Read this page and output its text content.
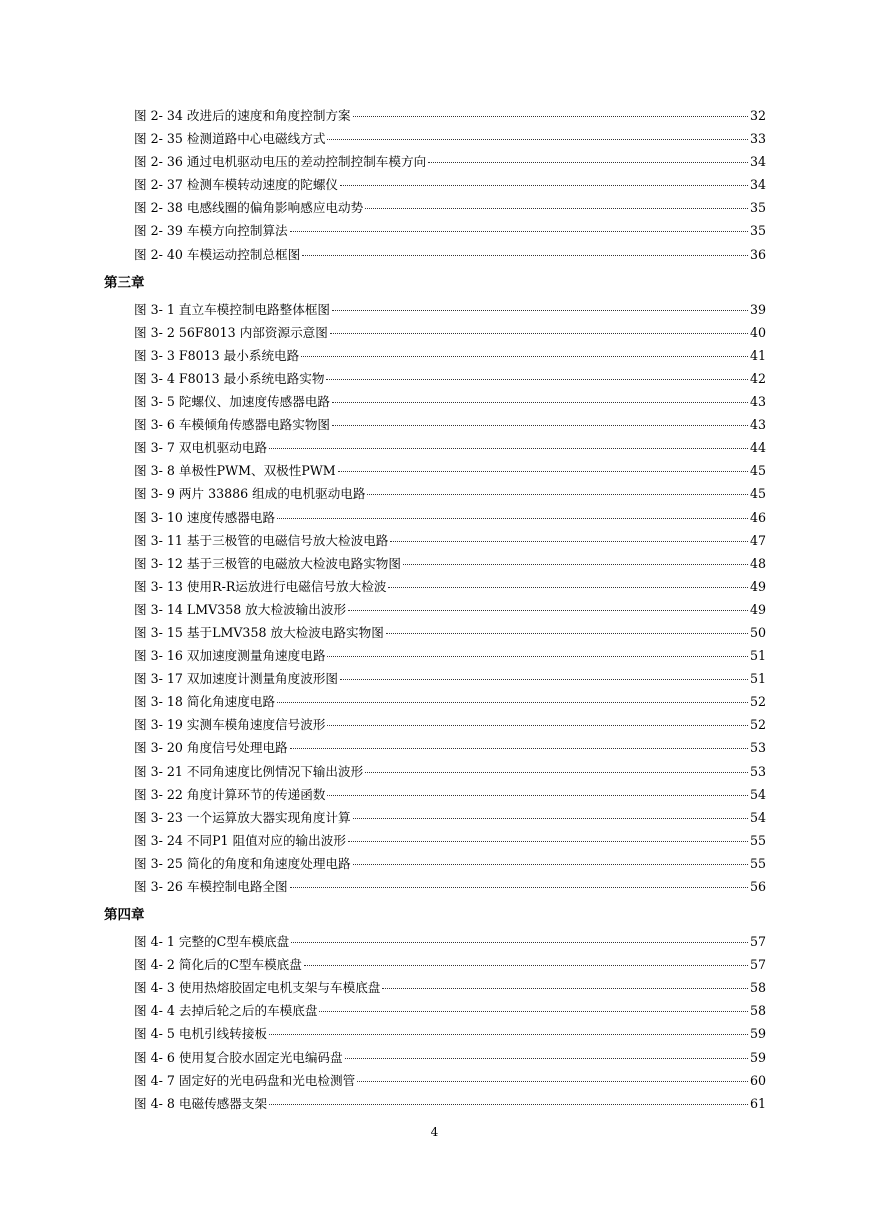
图 2- 34 改进后的速度和角度控制方案	32
图 2- 35 检测道路中心电磁线方式	33
图 2- 36 通过电机驱动电压的差动控制控制车模方向	34
图 2- 37 检测车模转动速度的陀螺仪	34
图 2- 38 电感线圈的偏角影响感应电动势	35
图 2- 39 车模方向控制算法	35
图 2- 40 车模运动控制总框图	36
第三章
图 3- 1 直立车模控制电路整体框图	39
图 3- 2 56F8013 内部资源示意图	40
图 3- 3 F8013 最小系统电路	41
图 3- 4 F8013 最小系统电路实物	42
图 3- 5 陀螺仪、加速度传感器电路	43
图 3- 6 车模倾角传感器电路实物图	43
图 3- 7 双电机驱动电路	44
图 3- 8 单极性PWM、双极性PWM	45
图 3- 9 两片 33886 组成的电机驱动电路	45
图 3- 10 速度传感器电路	46
图 3- 11 基于三极管的电磁信号放大检波电路	47
图 3- 12 基于三极管的电磁放大检波电路实物图	48
图 3- 13 使用R-R运放进行电磁信号放大检波	49
图 3- 14 LMV358 放大检波输出波形	49
图 3- 15 基于LMV358 放大检波电路实物图	50
图 3- 16 双加速度测量角速度电路	51
图 3- 17 双加速度计测量角度波形图	51
图 3- 18 简化角速度电路	52
图 3- 19 实测车模角速度信号波形	52
图 3- 20 角度信号处理电路	53
图 3- 21 不同角速度比例情况下输出波形	53
图 3- 22 角度计算环节的传递函数	54
图 3- 23 一个运算放大器实现角度计算	54
图 3- 24 不同P1 阻值对应的输出波形	55
图 3- 25 简化的角度和角速度处理电路	55
图 3- 26 车模控制电路全图	56
第四章
图 4- 1 完整的C型车模底盘	57
图 4- 2 简化后的C型车模底盘	57
图 4- 3 使用热熔胶固定电机支架与车模底盘	58
图 4- 4 去掉后轮之后的车模底盘	58
图 4- 5 电机引线转接板	59
图 4- 6 使用复合胶水固定光电编码盘	59
图 4- 7 固定好的光电码盘和光电检测管	60
图 4- 8 电磁传感器支架	61
4
